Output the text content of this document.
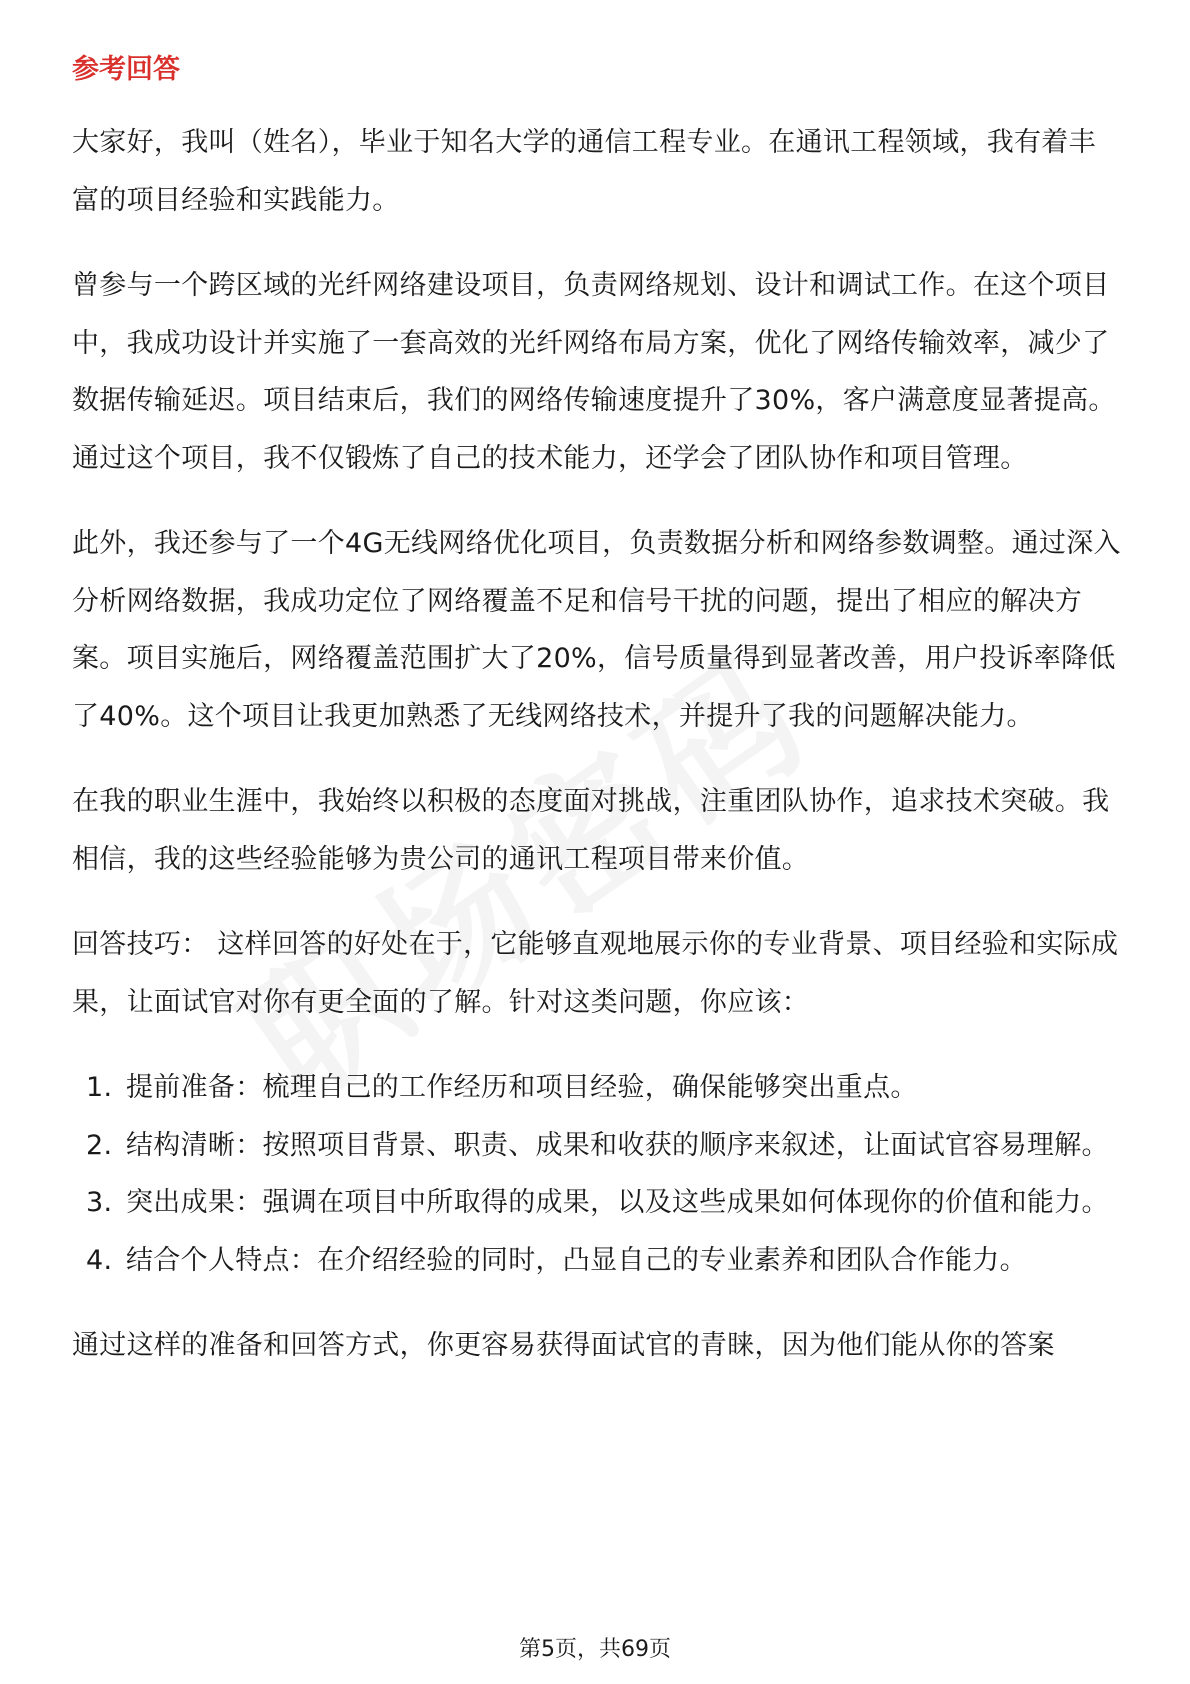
参考回答

大家好，我叫（姓名），毕业于知名大学的通信工程专业。在通讯工程领域，我有着丰富的项目经验和实践能力。

曾参与一个跨区域的光纤网络建设项目，负责网络规划、设计和调试工作。在这个项目中，我成功设计并实施了一套高效的光纤网络布局方案，优化了网络传输效率，减少了数据传输延迟。项目结束后，我们的网络传输速度提升了30%，客户满意度显著提高。通过这个项目，我不仅锻炼了自己的技术能力，还学会了团队协作和项目管理。

此外，我还参与了一个4G无线网络优化项目，负责数据分析和网络参数调整。通过深入分析网络数据，我成功定位了网络覆盖不足和信号干扰的问题，提出了相应的解决方案。项目实施后，网络覆盖范围扩大了20%，信号质量得到显著改善，用户投诉率降低了40%。这个项目让我更加熟悉了无线网络技术，并提升了我的问题解决能力。

在我的职业生涯中，我始终以积极的态度面对挑战，注重团队协作，追求技术突破。我相信，我的这些经验能够为贵公司的通讯工程项目带来价值。

回答技巧： 这样回答的好处在于，它能够直观地展示你的专业背景、项目经验和实际成果，让面试官对你有更全面的了解。针对这类问题，你应该：

1. 提前准备：梳理自己的工作经历和项目经验，确保能够突出重点。
2. 结构清晰：按照项目背景、职责、成果和收获的顺序来叙述，让面试官容易理解。
3. 突出成果：强调在项目中所取得的成果，以及这些成果如何体现你的价值和能力。
4. 结合个人特点：在介绍经验的同时，凸显自己的专业素养和团队合作能力。

通过这样的准备和回答方式，你更容易获得面试官的青睐，因为他们能从你的答案

第5页，共69页
